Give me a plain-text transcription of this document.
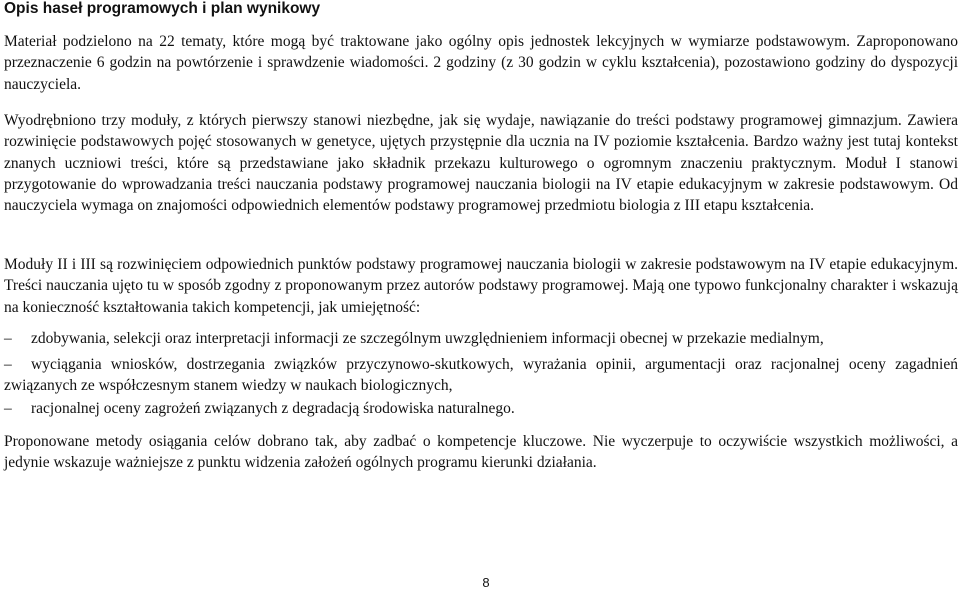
Opis haseł programowych i plan wynikowy

Materiał podzielono na 22 tematy, które mogą być traktowane jako ogólny opis jednostek lekcyjnych w wymiarze podstawowym. Zaproponowano przeznaczenie 6 godzin na powtórzenie i sprawdzenie wiadomości. 2 godziny (z 30 godzin w cyklu kształcenia), pozostawiono godziny do dyspozycji nauczyciela.

Wyodrębniono trzy moduły, z których pierwszy stanowi niezbędne, jak się wydaje, nawiązanie do treści podstawy programowej gimnazjum. Zawiera rozwinięcie podstawowych pojęć stosowanych w genetyce, ujętych przystępnie dla ucznia na IV poziomie kształcenia. Bardzo ważny jest tutaj kontekst znanych uczniowi treści, które są przedstawiane jako składnik przekazu kulturowego o ogromnym znaczeniu praktycznym. Moduł I stanowi przygotowanie do wprowadzania treści nauczania podstawy programowej nauczania biologii na IV etapie edukacyjnym w zakresie podstawowym. Od nauczyciela wymaga on znajomości odpowiednich elementów podstawy programowej przedmiotu biologia z III etapu kształcenia.

Moduły II i III są rozwinięciem odpowiednich punktów podstawy programowej nauczania biologii w zakresie podstawowym na IV etapie edukacyjnym. Treści nauczania ujęto tu w sposób zgodny z proponowanym przez autorów podstawy programowej. Mają one typowo funkcjonalny charakter i wskazują na konieczność kształtowania takich kompetencji, jak umiejętność:

– zdobywania, selekcji oraz interpretacji informacji ze szczególnym uwzględnieniem informacji obecnej w przekazie medialnym,

– wyciągania wniosków, dostrzegania związków przyczynowo-skutkowych, wyrażania opinii, argumentacji oraz racjonalnej oceny zagadnień związanych ze współczesnym stanem wiedzy w naukach biologicznych,

– racjonalnej oceny zagrożeń związanych z degradacją środowiska naturalnego.

Proponowane metody osiągania celów dobrano tak, aby zadbać o kompetencje kluczowe. Nie wyczerpuje to oczywiście wszystkich możliwości, a jedynie wskazuje ważniejsze z punktu widzenia założeń ogólnych programu kierunki działania.

8
